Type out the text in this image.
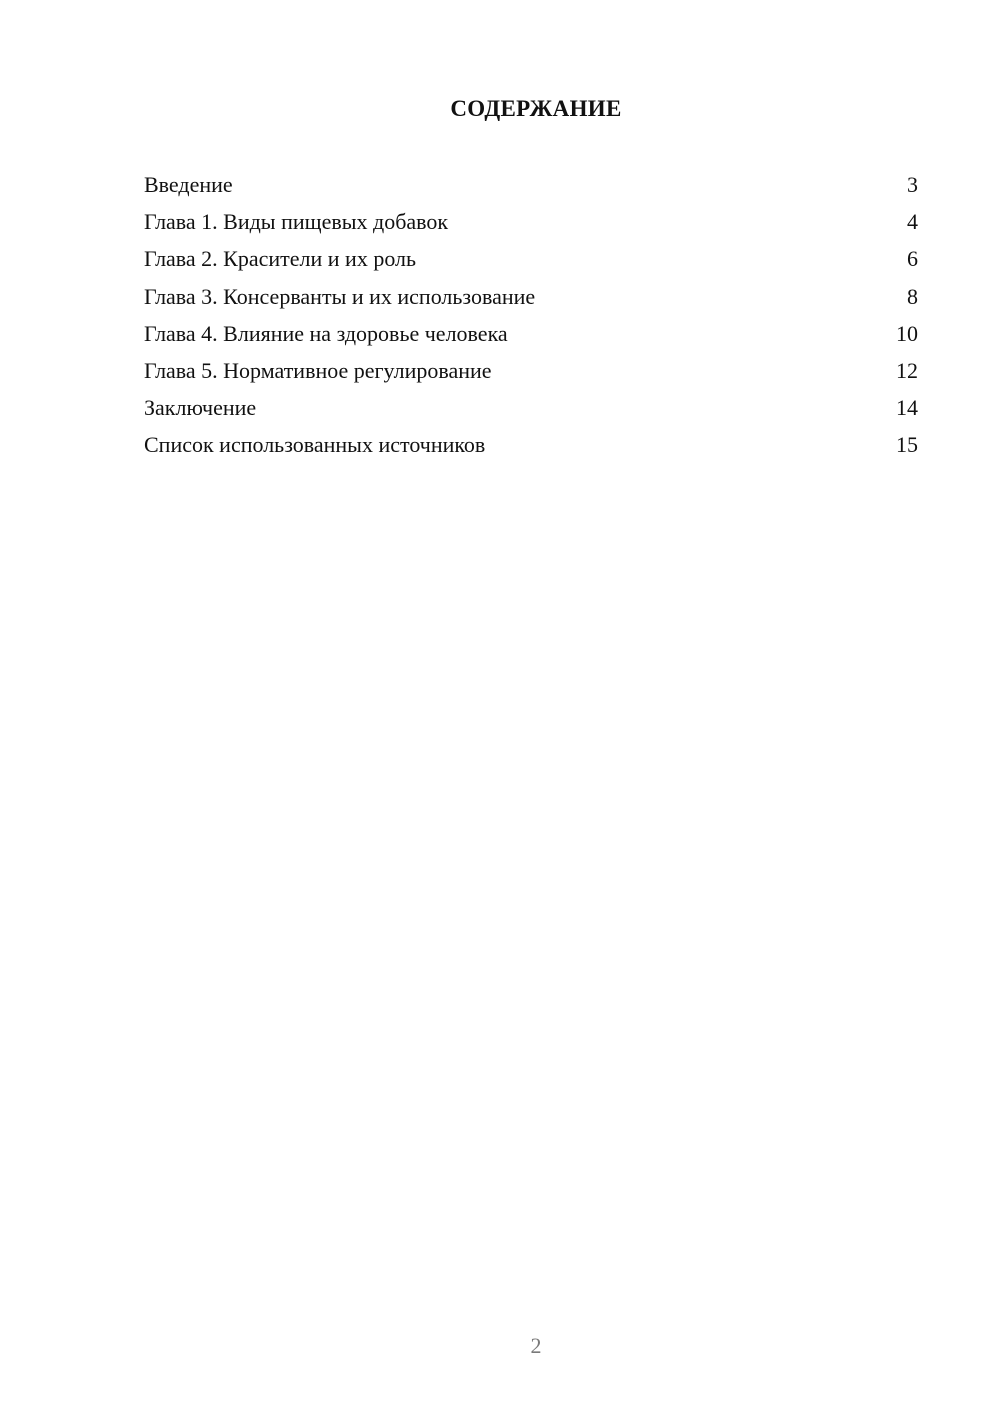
СОДЕРЖАНИЕ
Введение	3
Глава 1. Виды пищевых добавок	4
Глава 2. Красители и их роль	6
Глава 3. Консерванты и их использование	8
Глава 4. Влияние на здоровье человека	10
Глава 5. Нормативное регулирование	12
Заключение	14
Список использованных источников	15
2
